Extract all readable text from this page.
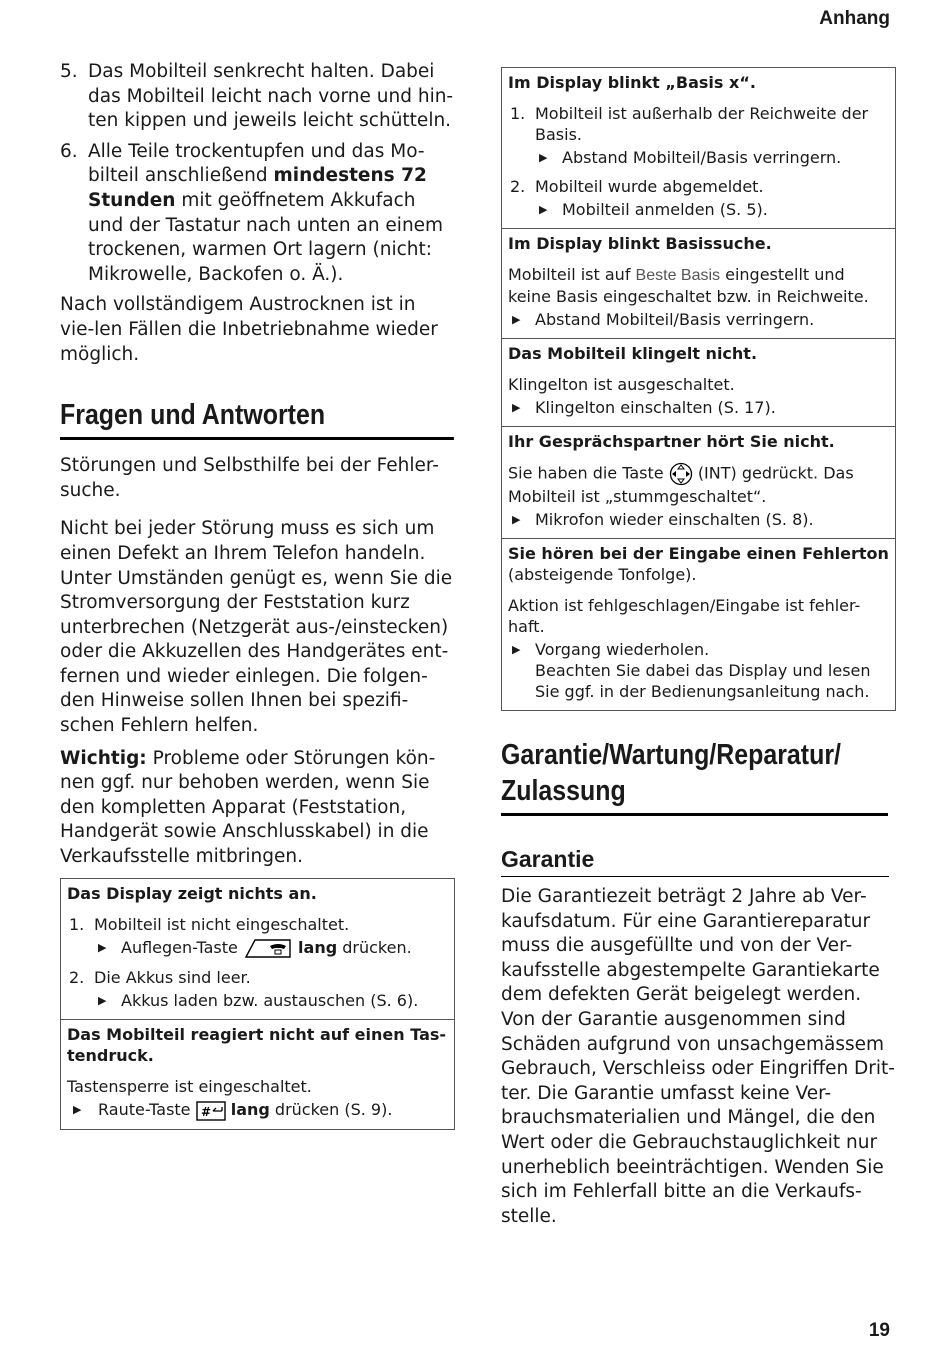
Anhang
5. Das Mobilteil senkrecht halten. Dabei das Mobilteil leicht nach vorne und hin-ten kippen und jeweils leicht schütteln.
6. Alle Teile trockentupfen und das Mo-bilteil anschließend mindestens 72 Stunden mit geöffnetem Akkufach und der Tastatur nach unten an einem trockenen, warmen Ort lagern (nicht: Mikrowelle, Backofen o. Ä.).

Nach vollständigem Austrocknen ist in vie-len Fällen die Inbetriebnahme wieder möglich.

Fragen und Antworten

Störungen und Selbsthilfe bei der Fehler-suche.

Nicht bei jeder Störung muss es sich um einen Defekt an Ihrem Telefon handeln. Unter Umständen genügt es, wenn Sie die Stromversorgung der Feststation kurz unterbrechen (Netzgerät aus-/einstecken) oder die Akkuzellen des Handgerätes ent-fernen und wieder einlegen. Die folgen-den Hinweise sollen Ihnen bei spezifi-schen Fehlern helfen.

Wichtig: Probleme oder Störungen kön-nen ggf. nur behoben werden, wenn Sie den kompletten Apparat (Feststation, Handgerät sowie Anschlusskabel) in die Verkaufsstelle mitbringen.

Das Display zeigt nichts an.

1. Mobilteil ist nicht eingeschaltet.
▶ Auflegen-Taste	lang drücken.
2. Die Akkus sind leer.
▶ Akkus laden bzw. austauschen (S. 6).

Das Mobilteil reagiert nicht auf einen Tas-tendruck.

Tastensperre ist eingeschaltet.

▶ Raute-Taste # lang drücken (S. 9).

Im Display blinkt „Basis x“.

1. Mobilteil ist außerhalb der Reichweite der Basis.
▶ Abstand Mobilteil/Basis verringern.
2. Mobilteil wurde abgemeldet.
▶ Mobilteil anmelden (S. 5).

Im Display blinkt Basissuche.

Mobilteil ist auf Beste Basis eingestellt und keine Basis eingeschaltet bzw. in Reichweite.

▶ Abstand Mobilteil/Basis verringern.

Das Mobilteil klingelt nicht.

Klingelton ist ausgeschaltet.

▶ Klingelton einschalten (S. 17).

Ihr Gesprächspartner hört Sie nicht.

Sie haben die Taste (INT) gedrückt. Das Mobilteil ist „stummgeschaltet“.

▶ Mikrofon wieder einschalten (S. 8).

Sie hören bei der Eingabe einen Fehlerton (absteigende Tonfolge).

Aktion ist fehlgeschlagen/Eingabe ist fehler-haft.

▶ Vorgang wiederholen.
Beachten Sie dabei das Display und lesen Sie ggf. in der Bedienungsanleitung nach.
Garantie/Wartung/Reparatur/ Zulassung
Garantie

Die Garantiezeit beträgt 2 Jahre ab Ver-kaufsdatum. Für eine Garantiereparatur muss die ausgefüllte und von der Ver-kaufsstelle abgestempelte Garantiekarte dem defekten Gerät beigelegt werden. Von der Garantie ausgenommen sind Schäden aufgrund von unsachgemässem Gebrauch, Verschleiss oder Eingriffen Drit-ter. Die Garantie umfasst keine Ver-brauchsmaterialien und Mängel, die den Wert oder die Gebrauchstauglichkeit nur unerheblich beeinträchtigen. Wenden Sie sich im Fehlerfall bitte an die Verkaufs-stelle.

19
